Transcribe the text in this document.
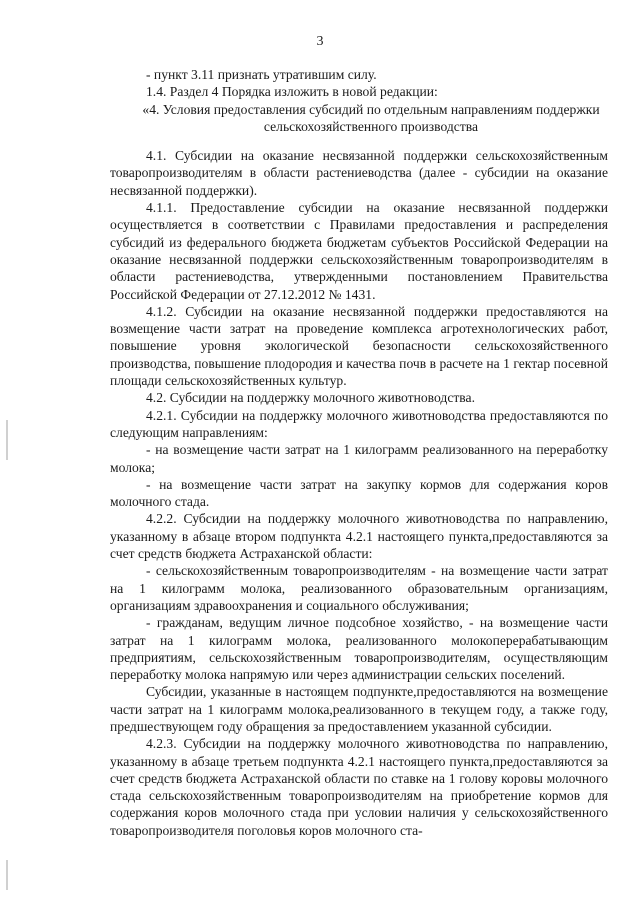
3

- пункт 3.11 признать утратившим силу.

1.4. Раздел 4 Порядка изложить в новой редакции:

«4. Условия предоставления субсидий по отдельным направлениям поддержки сельскохозяйственного производства

4.1. Субсидии на оказание несвязанной поддержки сельскохозяйственным товаропроизводителям в области растениеводства (далее - субсидии на оказание несвязанной поддержки).

4.1.1. Предоставление субсидии на оказание несвязанной поддержки осуществляется в соответствии с Правилами предоставления и распределения субсидий из федерального бюджета бюджетам субъектов Российской Федерации на оказание несвязанной поддержки сельскохозяйственным товаропроизводителям в области растениеводства, утвержденными постановлением Правительства Российской Федерации от 27.12.2012 № 1431.

4.1.2. Субсидии на оказание несвязанной поддержки предоставляются на возмещение части затрат на проведение комплекса агротехнологических работ, повышение уровня экологической безопасности сельскохозяйственного производства, повышение плодородия и качества почв в расчете на 1 гектар посевной площади сельскохозяйственных культур.

4.2. Субсидии на поддержку молочного животноводства.

4.2.1. Субсидии на поддержку молочного животноводства предоставляются по следующим направлениям:

- на возмещение части затрат на 1 килограмм реализованного на переработку молока;

- на возмещение части затрат на закупку кормов для содержания коров молочного стада.

4.2.2. Субсидии на поддержку молочного животноводства по направлению, указанному в абзаце втором подпункта 4.2.1 настоящего пункта,предоставляются за счет средств бюджета Астраханской области:

- сельскохозяйственным товаропроизводителям - на возмещение части затрат на 1 килограмм молока, реализованного образовательным организациям, организациям здравоохранения и социального обслуживания;

- гражданам, ведущим личное подсобное хозяйство, - на возмещение части затрат на 1 килограмм молока, реализованного молокоперерабатывающим предприятиям, сельскохозяйственным товаропроизводителям, осуществляющим переработку молока напрямую или через администрации сельских поселений.

Субсидии, указанные в настоящем подпункте,предоставляются на возмещение части затрат на 1 килограмм молока,реализованного в текущем году, а также году, предшествующем году обращения за предоставлением указанной субсидии.

4.2.3. Субсидии на поддержку молочного животноводства по направлению, указанному в абзаце третьем подпункта 4.2.1 настоящего пункта,предоставляются за счет средств бюджета Астраханской области по ставке на 1 голову коровы молочного стада сельскохозяйственным товаропроизводителям на приобретение кормов для содержания коров молочного стада при условии наличия у сельскохозяйственного товаропроизводителя поголовья коров молочного ста-
